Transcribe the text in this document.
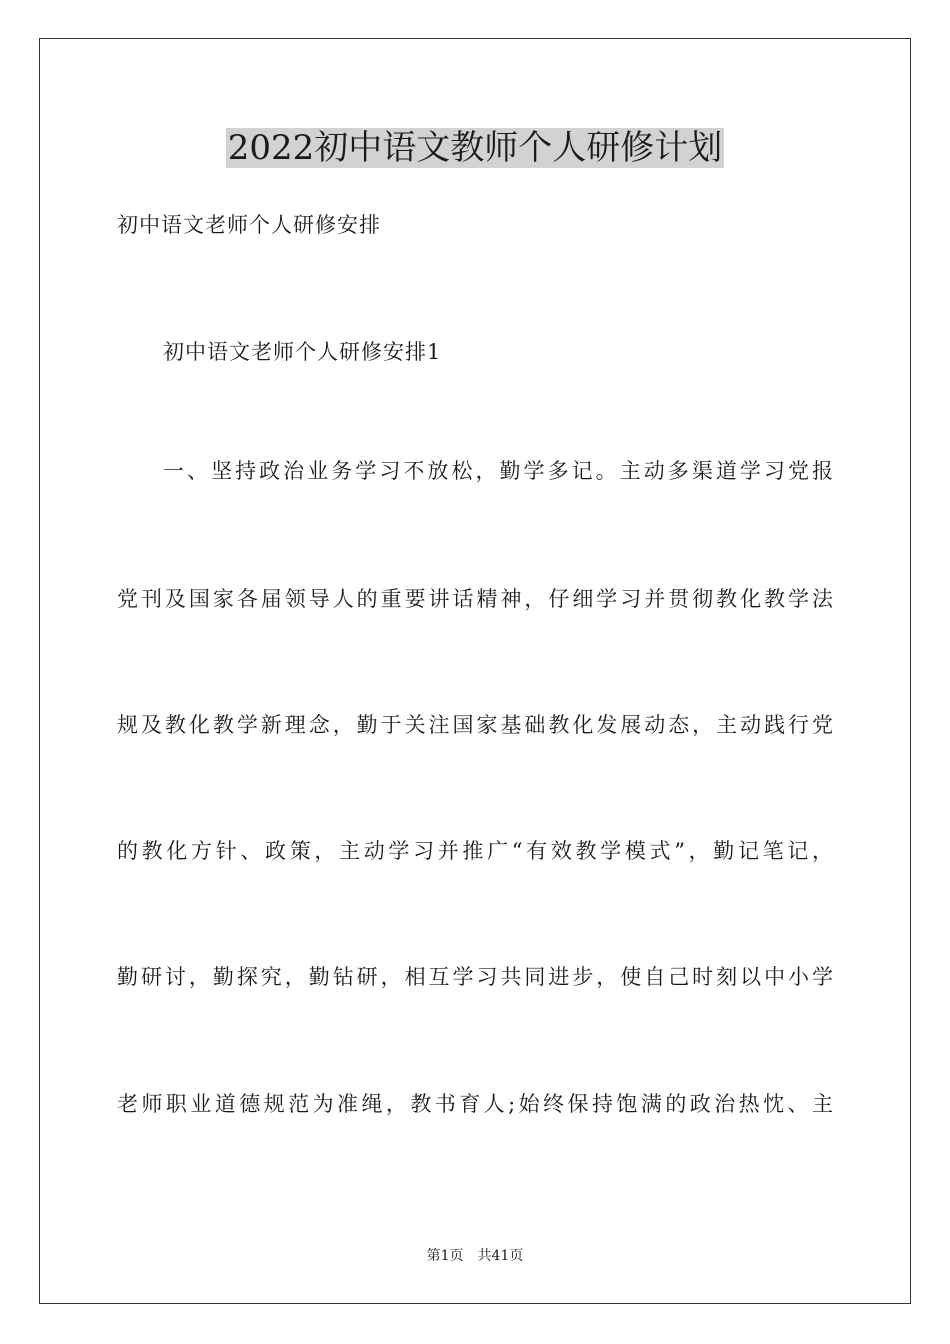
2022初中语文教师个人研修计划
初中语文老师个人研修安排
初中语文老师个人研修安排1
一、坚持政治业务学习不放松，勤学多记。主动多渠道学习党报
党刊及国家各届领导人的重要讲话精神，仔细学习并贯彻教化教学法
规及教化教学新理念，勤于关注国家基础教化发展动态，主动践行党
的教化方针、政策，主动学习并推广“有效教学模式”，勤记笔记，
勤研讨，勤探究，勤钻研，相互学习共同进步，使自己时刻以中小学
老师职业道德规范为准绳，教书育人;始终保持饱满的政治热忱、主
第1页 共41页
